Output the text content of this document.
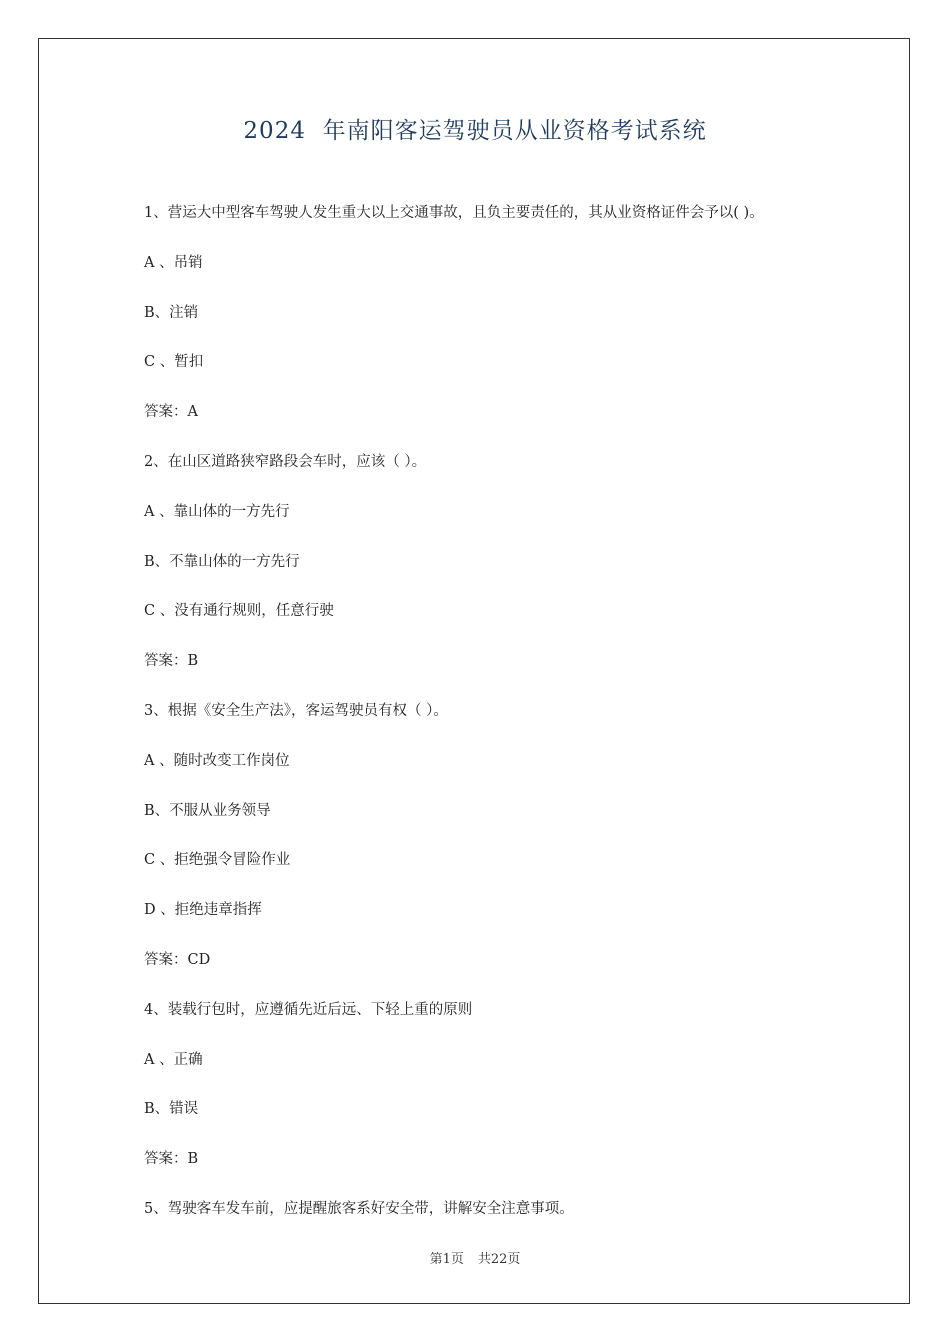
2024  年南阳客运驾驶员从业资格考试系统
1、营运大中型客车驾驶人发生重大以上交通事故，且负主要责任的，其从业资格证件会予以( )。
A 、吊销
B、注销
C 、暂扣
答案：A
2、在山区道路狭窄路段会车时，应该（ ）。
A 、靠山体的一方先行
B、不靠山体的一方先行
C 、没有通行规则，任意行驶
答案：B
3、根据《安全生产法》，客运驾驶员有权（ ）。
A 、随时改变工作岗位
B、不服从业务领导
C 、拒绝强令冒险作业
D 、拒绝违章指挥
答案：CD
4、装载行包时，应遵循先近后远、下轻上重的原则
A 、正确
B、错误
答案：B
5、驾驶客车发车前，应提醒旅客系好安全带，讲解安全注意事项。
第1页 共22页
